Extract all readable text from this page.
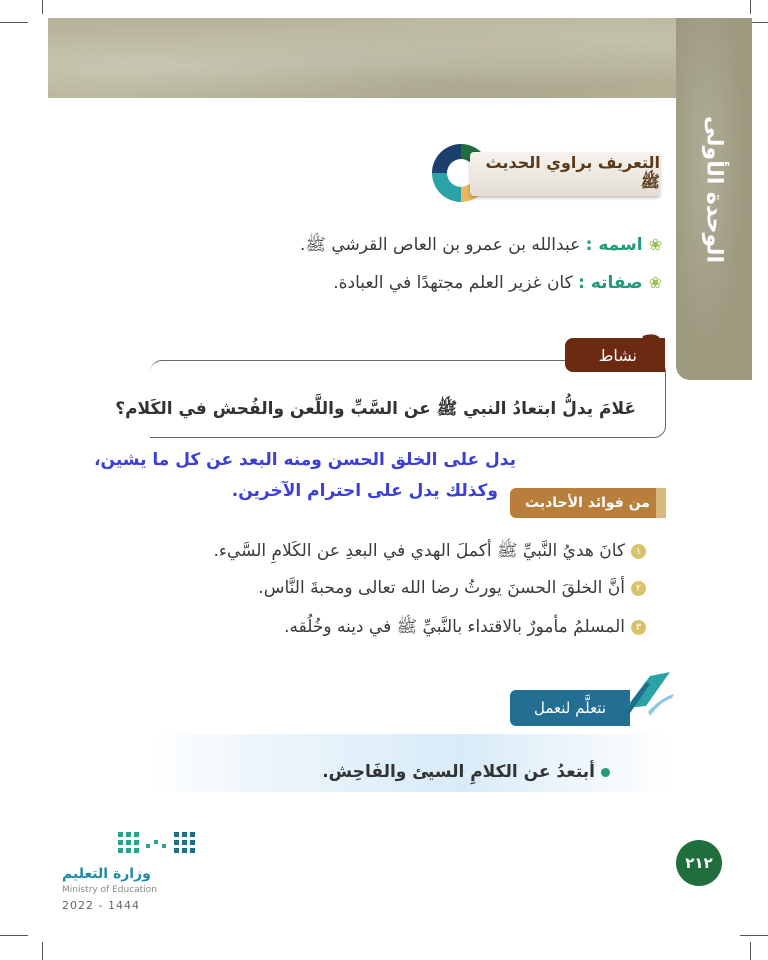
الوحدة الأولى
التعريف براوي الحديث ﷺ
❀اسمه : عبدالله بن عمرو بن العاص القرشي ﷺ.
❀صفاته : كان غزير العلم مجتهدًا في العبادة.
نشاط ?
عَلامَ يدلُّ ابتعادُ النبي ﷺ عن السَّبِّ واللَّعن والفُحش في الكَلام؟
يدل على الخلق الحسن ومنه البعد عن كل ما يشين،
وكذلك يدل على احترام الآخرين.
من فوائد الأحاديث
١كانَ هديُ النَّبيِّ ﷺ أكملَ الهدي في البعدِ عن الكَلامِ السَّيء.
٢أنَّ الخلقَ الحسنَ يورثُ رضا الله تعالى ومحبةَ النَّاس.
٣المسلمُ مأمورٌ بالاقتداء بالنَّبيِّ ﷺ في دينه وخُلُقه.
نتعلَّم لنعمل
أبتعدُ عن الكلامِ السيئ والفَاحِش.
٢١٢
وزارة التعليم
Ministry of Education
2022 - 1444
